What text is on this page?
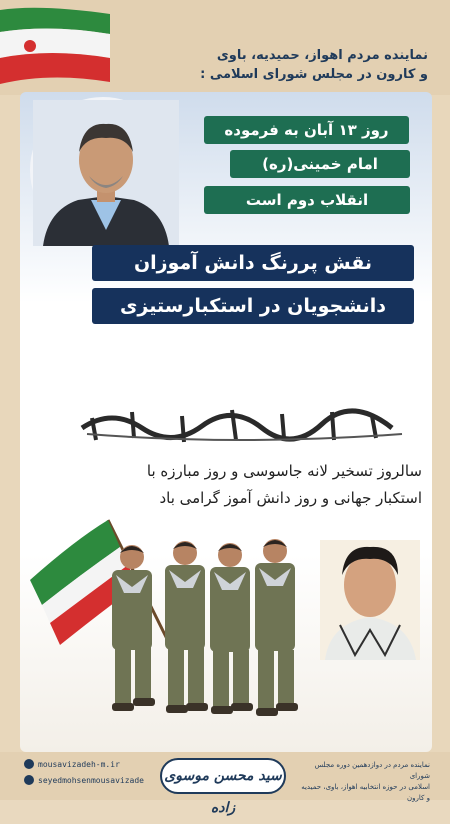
نماینده مردم اهواز، حمیدیه، باوی
و کارون در مجلس شورای اسلامی :
روز ۱۳ آبان به فرموده
امام خمینی(ره)
انقلاب دوم است
نقش پررنگ دانش آموزان
دانشجویان در استکبارستیزی
سالروز تسخیر لانه جاسوسی و روز مبارزه با
استکبار جهانی و روز دانش آموز گرامی باد
mousavizadeh-m.ir
seyedmohsenmousavizade	سید محسن موسوی زاده
نماینده مردم در دوازدهمین دوره مجلس شورای
اسلامی در حوزه انتخابیه اهواز، باوی، حمیدیه و کارون
